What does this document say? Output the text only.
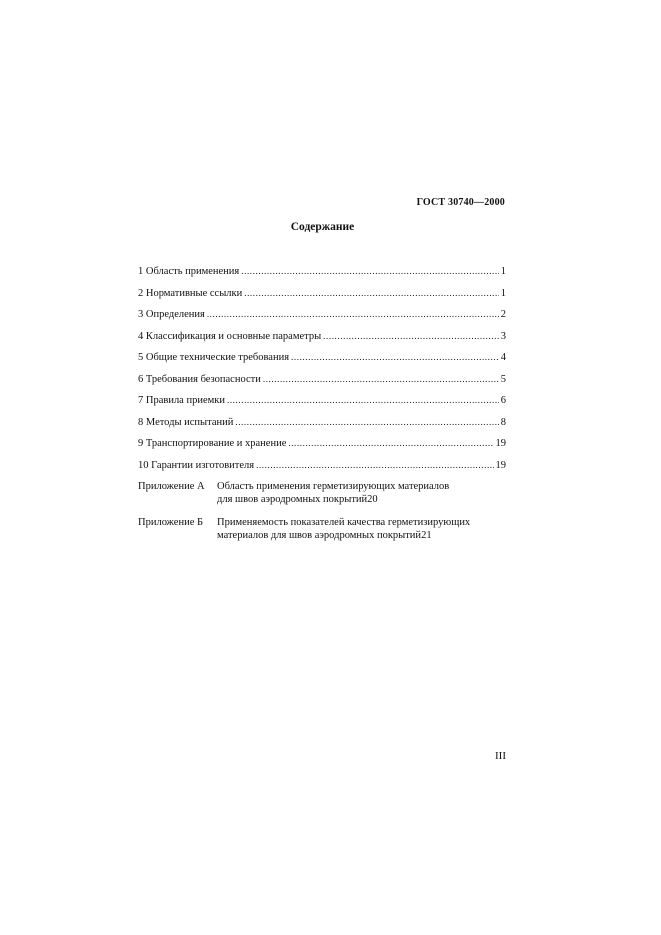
ГОСТ 30740—2000
Содержание
1 Область применения .....	1
2 Нормативные ссылки .....	1
3 Определения .....	2
4 Классификация и основные параметры .....	3
5 Общие технические требования .....	4
6 Требования безопасности .....	5
7 Правила приемки .....	6
8 Методы испытаний .....	8
9 Транспортирование и хранение .....	19
10 Гарантии изготовителя .....	19
Приложение А	Область применения герметизирующих материалов
для швов аэродромных покрытий 20
Приложение Б	Применяемость показателей качества герметизирующих
материалов для швов аэродромных покрытий 21
III
